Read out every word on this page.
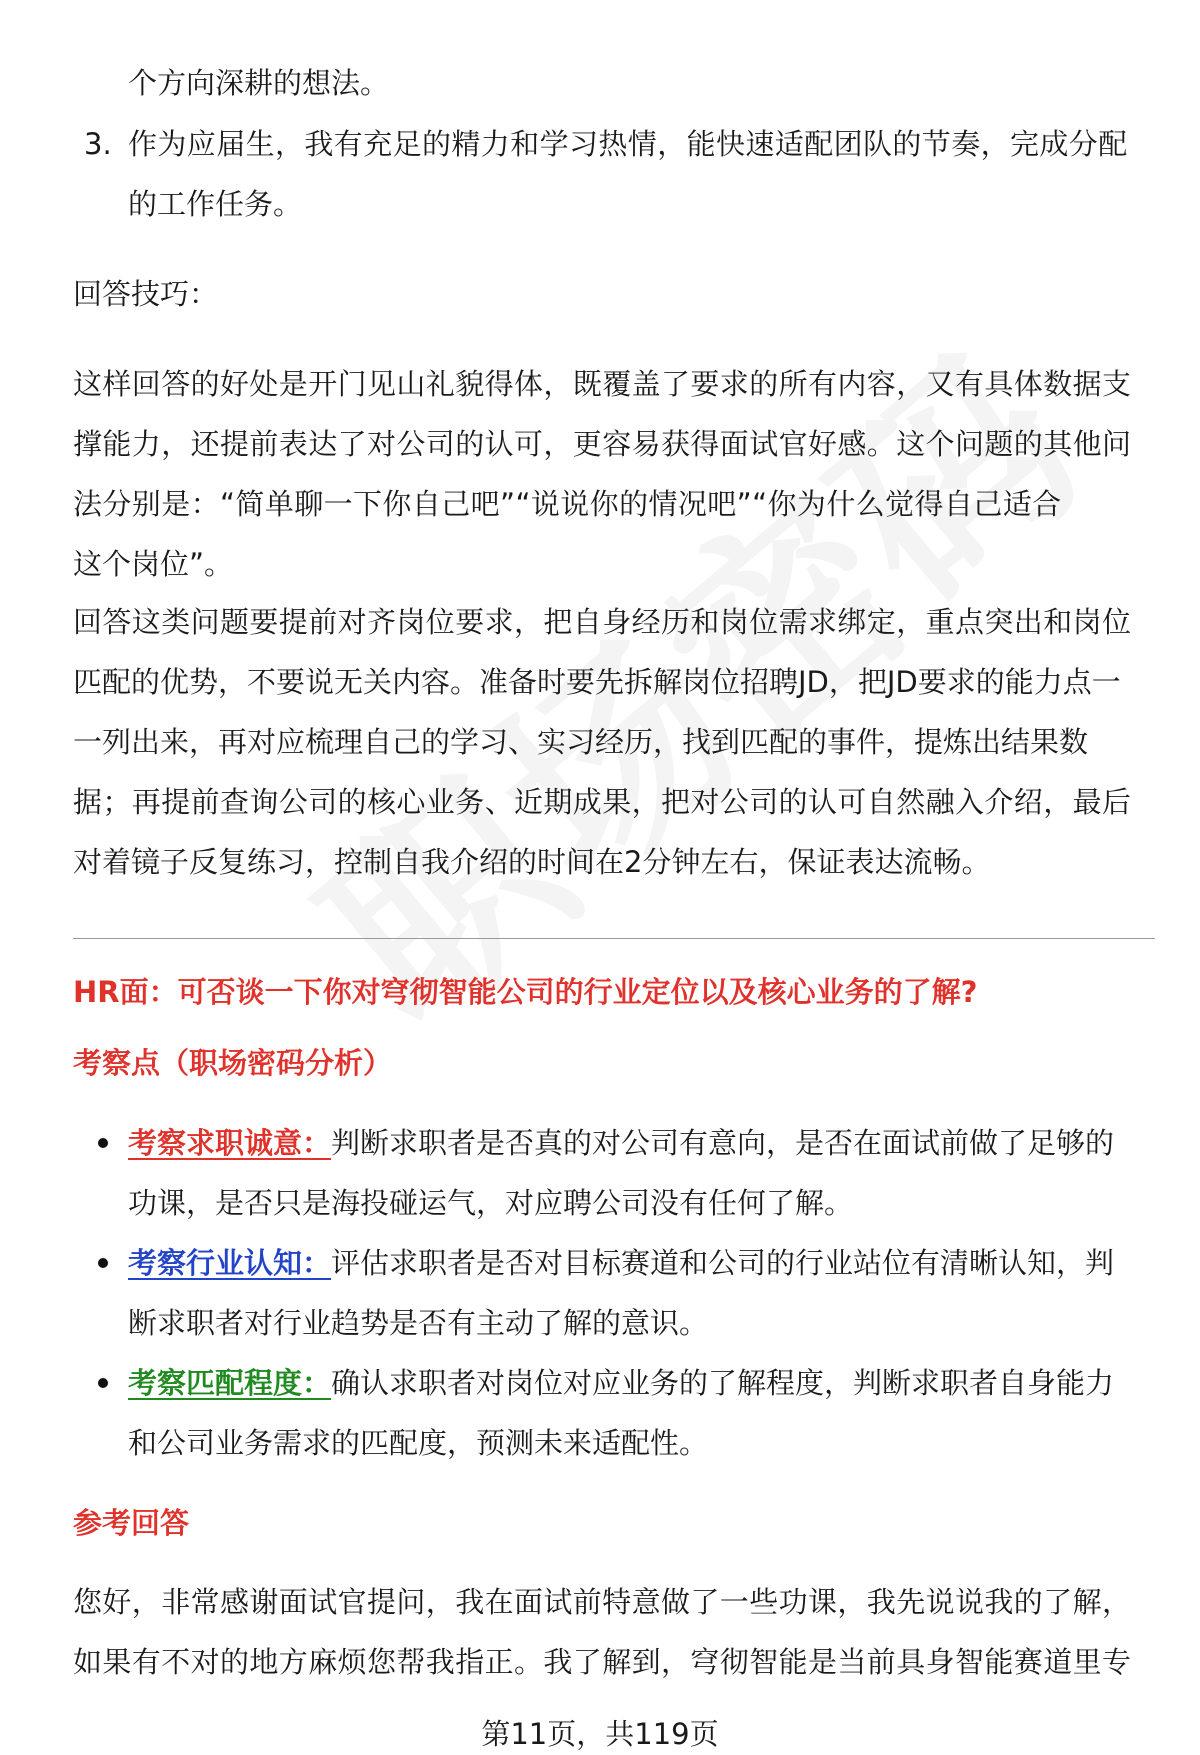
个方向深耕的想法。
3. 作为应届生，我有充足的精力和学习热情，能快速适配团队的节奏，完成分配
的工作任务。
回答技巧：
这样回答的好处是开门见山礼貌得体，既覆盖了要求的所有内容，又有具体数据支
撑能力，还提前表达了对公司的认可，更容易获得面试官好感。这个问题的其他问
法分别是：“简单聊一下你自己吧”“说说你的情况吧”“你为什么觉得自己适合
这个岗位”。
回答这类问题要提前对齐岗位要求，把自身经历和岗位需求绑定，重点突出和岗位
匹配的优势，不要说无关内容。准备时要先拆解岗位招聘JD，把JD要求的能力点一
一列出来，再对应梳理自己的学习、实习经历，找到匹配的事件，提炼出结果数
据；再提前查询公司的核心业务、近期成果，把对公司的认可自然融入介绍，最后
对着镜子反复练习，控制自我介绍的时间在2分钟左右，保证表达流畅。
HR面：可否谈一下你对穹彻智能公司的行业定位以及核心业务的了解?
考察点（职场密码分析）
考察求职诚意：判断求职者是否真的对公司有意向，是否在面试前做了足够的
功课，是否只是海投碰运气，对应聘公司没有任何了解。
考察行业认知：评估求职者是否对目标赛道和公司的行业站位有清晰认知，判
断求职者对行业趋势是否有主动了解的意识。
考察匹配程度：确认求职者对岗位对应业务的了解程度，判断求职者自身能力
和公司业务需求的匹配度，预测未来适配性。
参考回答
您好，非常感谢面试官提问，我在面试前特意做了一些功课，我先说说我的了解，
如果有不对的地方麻烦您帮我指正。我了解到，穹彻智能是当前具身智能赛道里专
第11页，共119页
